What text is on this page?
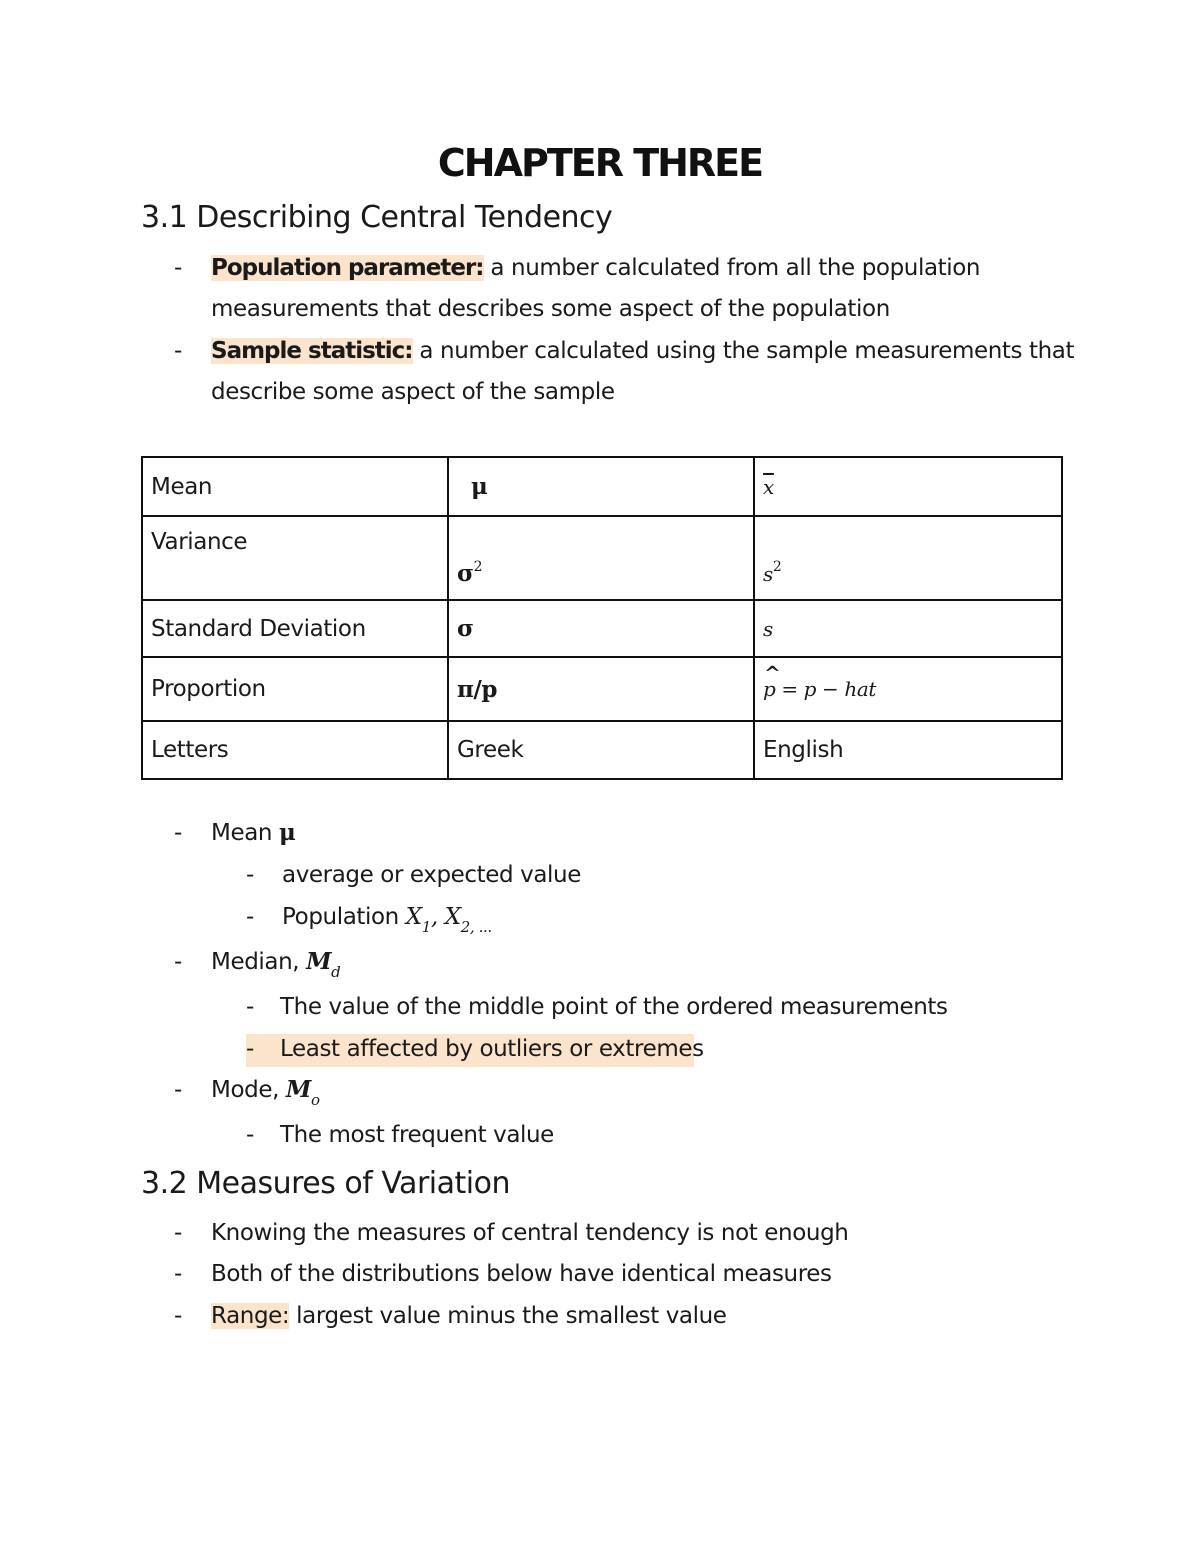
CHAPTER THREE
3.1 Describing Central Tendency
- Population parameter: a number calculated from all the population
measurements that describes some aspect of the population
- Sample statistic: a number calculated using the sample measurements that
describe some aspect of the sample
Mean	μ	$\overline{x}$
Variance	$\sigma^2$	$s^2$
Standard Deviation	σ	s
Proportion	π/p	^ p = p − hat
Letters	Greek	English
- Mean μ
- average or expected value
- Population $X_1$, $X_{2, ...}$
- Median, $M_d$
- The value of the middle point of the ordered measurements
- Least affected by outliers or extremes
- Mode, $M_o$
- The most frequent value
3.2 Measures of Variation
- Knowing the measures of central tendency is not enough
- Both of the distributions below have identical measures
- Range: largest value minus the smallest value
